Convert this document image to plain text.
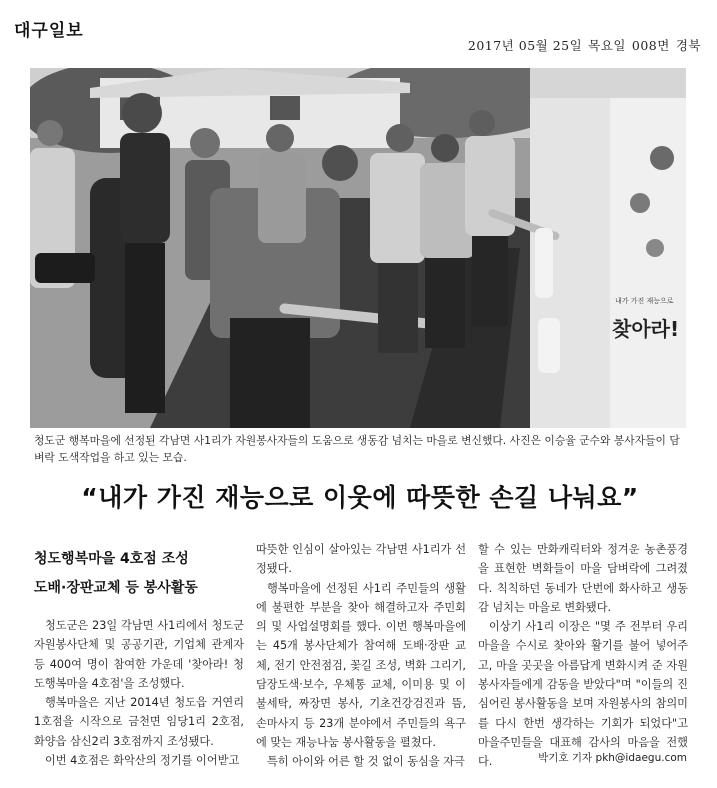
대구일보
2017년 05월 25일 목요일 008면 경북
내가 가진 재능으로
찾아라!
청도군 행복마을에 선정된 각남면 사1리가 자원봉사자들의 도움으로 생동감 넘치는 마을로 변신했다. 사진은 이승율 군수와 봉사자들이 담벼락 도색작업을 하고 있는 모습.
“내가 가진 재능으로 이웃에 따뜻한 손길 나눠요”
청도행복마을 4호점 조성
도배·장판교체 등 봉사활동

청도군은 23일 각남면 사1리에서 청도군 자원봉사단체 및 공공기관, 기업체 관계자 등 400여 명이 참여한 가운데 '찾아라! 청도행복마을 4호점'을 조성했다.

행복마을은 지난 2014년 청도읍 거연리 1호점을 시작으로 금천면 임당1리 2호점, 화양읍 삼신2리 3호점까지 조성됐다.

이번 4호점은 화악산의 정기를 이어받고

따뜻한 인심이 살아있는 각남면 사1리가 선정됐다.

행복마을에 선정된 사1리 주민들의 생활에 불편한 부분을 찾아 해결하고자 주민회의 및 사업설명회를 했다. 이번 행복마을에는 45개 봉사단체가 참여해 도배·장판 교체, 전기 안전점검, 꽃길 조성, 벽화 그리기, 담장도색·보수, 우체통 교체, 이미용 및 이불세탁, 짜장면 봉사, 기초건강검진과 뜸, 손마사지 등 23개 분야에서 주민들의 욕구에 맞는 재능나눔 봉사활동을 펼쳤다.

특히 아이와 어른 할 것 없이 동심을 자극

할 수 있는 만화캐릭터와 정겨운 농촌풍경을 표현한 벽화들이 마을 담벼락에 그려졌다. 칙칙하던 동네가 단번에 화사하고 생동감 넘치는 마을로 변화됐다.

이상기 사1리 이장은 "몇 주 전부터 우리 마을을 수시로 찾아와 활기를 불어 넣어주고, 마을 곳곳을 아름답게 변화시켜 준 자원봉사자들에게 감동을 받았다"며 "이들의 진심어린 봉사활동을 보며 자원봉사의 참의미를 다시 한번 생각하는 기회가 되었다"고 마을주민들을 대표해 감사의 마음을 전했다.	박기호 기자 pkh@idaegu.com
